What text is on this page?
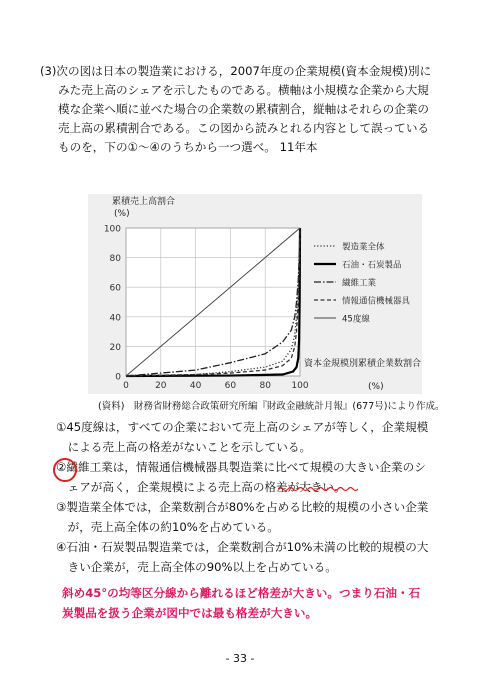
(3)次の図は日本の製造業における，2007年度の企業規模(資本金規模)別に
みた売上高のシェアを示したものである。横軸は小規模な企業から大規
模な企業へ順に並べた場合の企業数の累積割合，縦軸はそれらの企業の
売上高の累積割合である。この図から読みとれる内容として誤っている
ものを，下の①～④のうちから一つ選べ。 11年本
0
20
40
60
80
100
0	20	40	60	80 100
累積売上高割合
(%)
資本金規模別累積企業数割合
(%)
製造業全体
石油・石炭製品
繊維工業
情報通信機械器具
45度線
(資料)　財務省財務総合政策研究所編『財政金融統計月報』(677号)により作成。
①45度線は，すべての企業において売上高のシェアが等しく，企業規模
　による売上高の格差がないことを示している。
②繊維工業は，情報通信機械器具製造業に比べて規模の大きい企業のシ
　ェアが高く，企業規模による売上高の格差が大きい。
③製造業全体では，企業数割合が80%を占める比較的規模の小さい企業
　が，売上高全体の約10%を占めている。
④石油・石炭製品製造業では，企業数割合が10%未満の比較的規模の大
　きい企業が，売上高全体の90%以上を占めている。
斜め45°の均等区分線から離れるほど格差が大きい。つまり石油・石
炭製品を扱う企業が図中では最も格差が大きい。
- 33 -
